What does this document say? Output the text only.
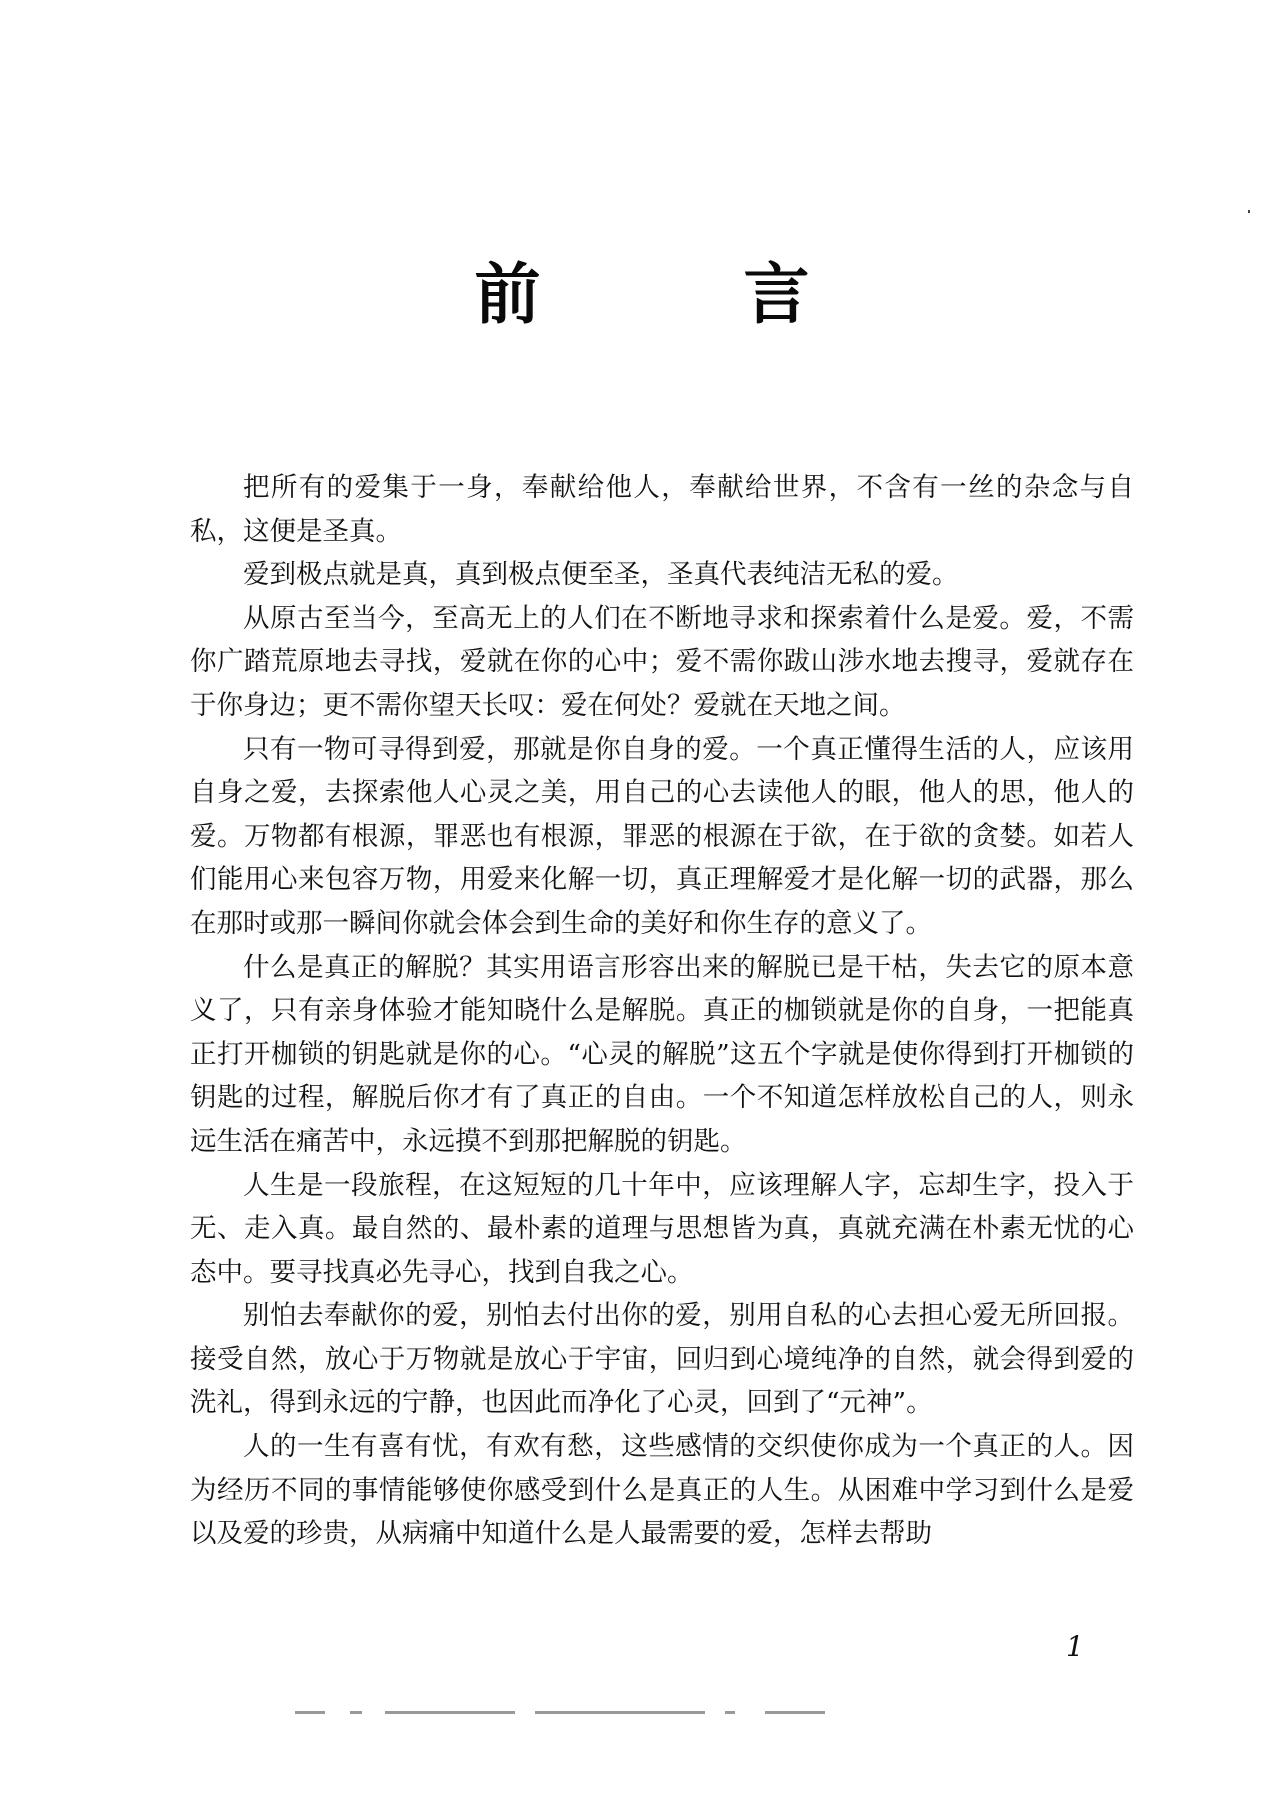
前 言

把所有的爱集于一身，奉献给他人，奉献给世界，不含有一丝的杂念与自私，这便是圣真。

爱到极点就是真，真到极点便至圣，圣真代表纯洁无私的爱。

从原古至当今，至高无上的人们在不断地寻求和探索着什么是爱。爱，不需你广踏荒原地去寻找，爱就在你的心中；爱不需你跋山涉水地去搜寻，爱就存在于你身边；更不需你望天长叹：爱在何处？爱就在天地之间。

只有一物可寻得到爱，那就是你自身的爱。一个真正懂得生活的人，应该用自身之爱，去探索他人心灵之美，用自己的心去读他人的眼，他人的思，他人的爱。万物都有根源，罪恶也有根源，罪恶的根源在于欲，在于欲的贪婪。如若人们能用心来包容万物，用爱来化解一切，真正理解爱才是化解一切的武器，那么在那时或那一瞬间你就会体会到生命的美好和你生存的意义了。

什么是真正的解脱？其实用语言形容出来的解脱已是干枯，失去它的原本意义了，只有亲身体验才能知晓什么是解脱。真正的枷锁就是你的自身，一把能真正打开枷锁的钥匙就是你的心。“心灵的解脱”这五个字就是使你得到打开枷锁的钥匙的过程，解脱后你才有了真正的自由。一个不知道怎样放松自己的人，则永远生活在痛苦中，永远摸不到那把解脱的钥匙。

人生是一段旅程，在这短短的几十年中，应该理解人字，忘却生字，投入于无、走入真。最自然的、最朴素的道理与思想皆为真，真就充满在朴素无忧的心态中。要寻找真必先寻心，找到自我之心。

别怕去奉献你的爱，别怕去付出你的爱，别用自私的心去担心爱无所回报。接受自然，放心于万物就是放心于宇宙，回归到心境纯净的自然，就会得到爱的洗礼，得到永远的宁静，也因此而净化了心灵，回到了“元神”。

人的一生有喜有忧，有欢有愁，这些感情的交织使你成为一个真正的人。因为经历不同的事情能够使你感受到什么是真正的人生。从困难中学习到什么是爱以及爱的珍贵，从病痛中知道什么是人最需要的爱，怎样去帮助

1
